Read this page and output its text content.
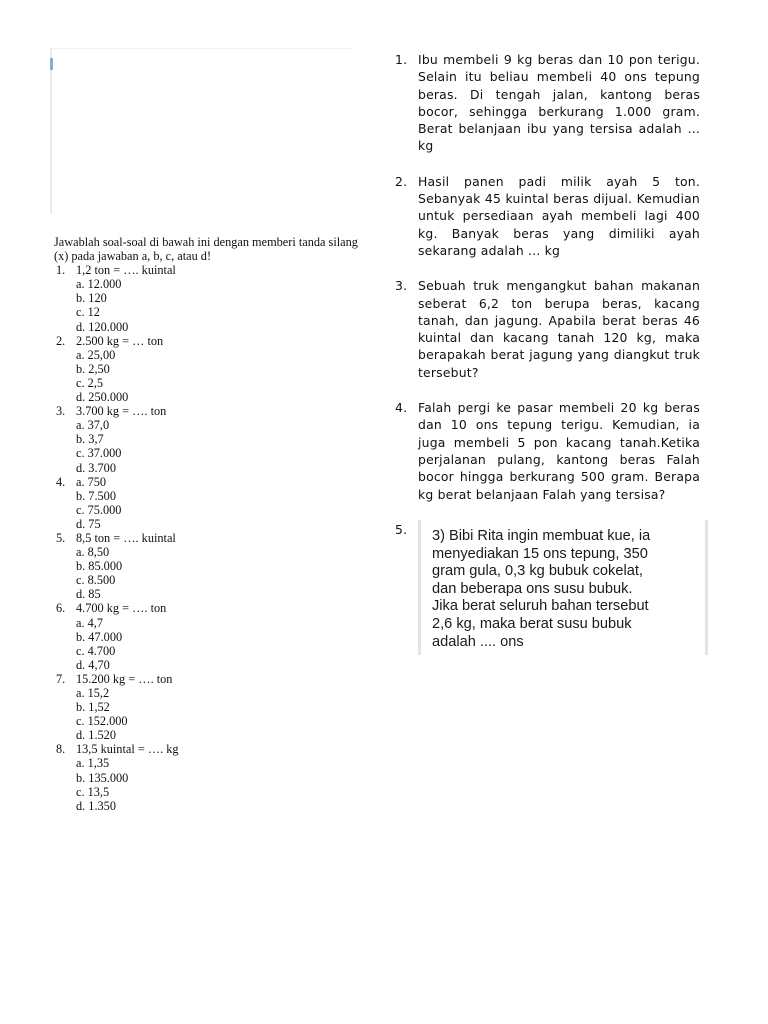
Jawablah soal-soal di bawah ini dengan memberi tanda silang (x) pada jawaban a, b, c, atau d!

1. 1,2 ton = …. kuintal
a. 12.000
b. 120
c. 12
d. 120.000
2. 2.500 kg = … ton
a. 25,00
b. 2,50
c. 2,5
d. 250.000
3. 3.700 kg = …. ton
a. 37,0
b. 3,7
c. 37.000
d. 3.700
4. a. 750
b. 7.500
c. 75.000
d. 75
5. 8,5 ton = …. kuintal
a. 8,50
b. 85.000
c. 8.500
d. 85
6. 4.700 kg = …. ton
a. 4,7
b. 47.000
c. 4.700
d. 4,70
7. 15.200 kg = …. ton
a. 15,2
b. 1,52
c. 152.000
d. 1.520
8. 13,5 kuintal = …. kg
a. 1,35
b. 135.000
c. 13,5
d. 1.350
1. Ibu membeli 9 kg beras dan 10 pon terigu. Selain itu beliau membeli 40 ons tepung beras. Di tengah jalan, kantong beras bocor, sehingga berkurang 1.000 gram. Berat belanjaan ibu yang tersisa adalah ... kg
2. Hasil panen padi milik ayah 5 ton. Sebanyak 45 kuintal beras dijual. Kemudian untuk persediaan ayah membeli lagi 400 kg. Banyak beras yang dimiliki ayah sekarang adalah ... kg
3. Sebuah truk mengangkut bahan makanan seberat 6,2 ton berupa beras, kacang tanah, dan jagung. Apabila berat beras 46 kuintal dan kacang tanah 120 kg, maka berapakah berat jagung yang diangkut truk tersebut?
4. Falah pergi ke pasar membeli 20 kg beras dan 10 ons tepung terigu. Kemudian, ia juga membeli 5 pon kacang tanah.Ketika perjalanan pulang, kantong beras Falah bocor hingga berkurang 500 gram. Berapa kg berat belanjaan Falah yang tersisa?
5.
3) Bibi Rita ingin membuat kue, ia
menyediakan 15 ons tepung, 350
gram gula, 0,3 kg bubuk cokelat,
dan beberapa ons susu bubuk.
Jika berat seluruh bahan tersebut
2,6 kg, maka berat susu bubuk
adalah .... ons
